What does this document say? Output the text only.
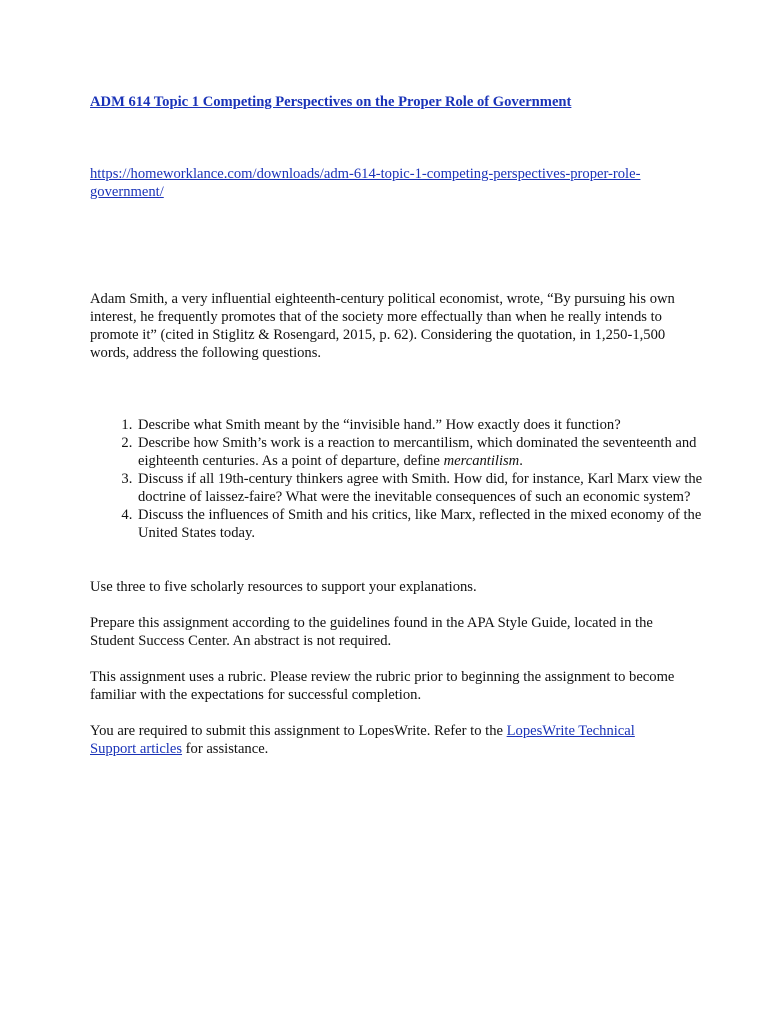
ADM 614 Topic 1 Competing Perspectives on the Proper Role of Government
https://homeworklance.com/downloads/adm-614-topic-1-competing-perspectives-proper-role-government/

Adam Smith, a very influential eighteenth-century political economist, wrote, “By pursuing his own interest, he frequently promotes that of the society more effectually than when he really intends to promote it” (cited in Stiglitz & Rosengard, 2015, p. 62). Considering the quotation, in 1,250-1,500 words, address the following questions.

1. Describe what Smith meant by the “invisible hand.” How exactly does it function?
2. Describe how Smith’s work is a reaction to mercantilism, which dominated the seventeenth and eighteenth centuries. As a point of departure, define mercantilism.
3. Discuss if all 19th-century thinkers agree with Smith. How did, for instance, Karl Marx view the doctrine of laissez-faire? What were the inevitable consequences of such an economic system?
4. Discuss the influences of Smith and his critics, like Marx, reflected in the mixed economy of the United States today.

Use three to five scholarly resources to support your explanations.

Prepare this assignment according to the guidelines found in the APA Style Guide, located in the Student Success Center. An abstract is not required.

This assignment uses a rubric. Please review the rubric prior to beginning the assignment to become familiar with the expectations for successful completion.

You are required to submit this assignment to LopesWrite. Refer to the LopesWrite Technical Support articles for assistance.
